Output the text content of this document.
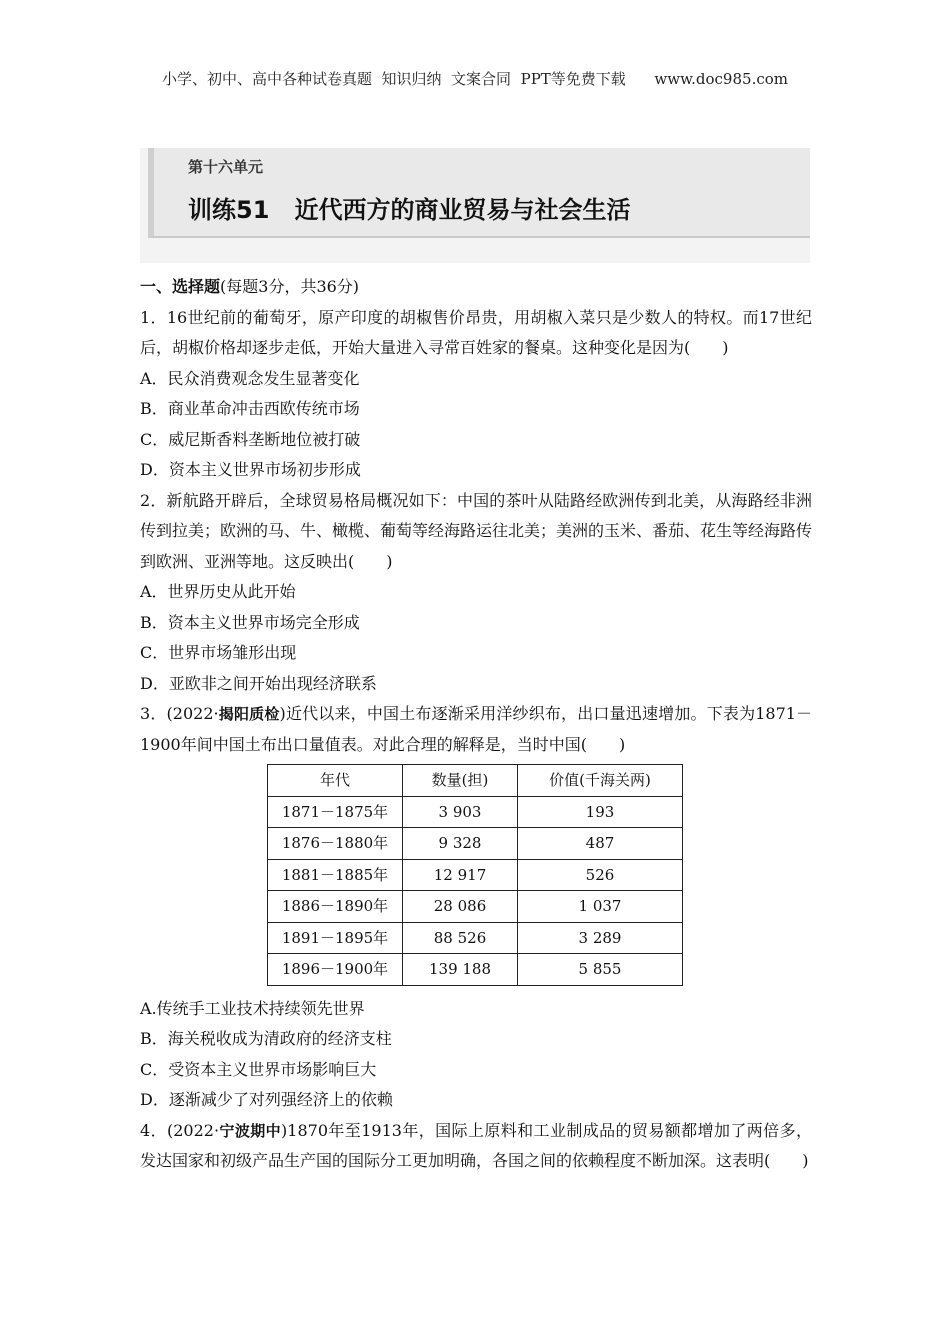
小学、初中、高中各种试卷真题  知识归纳  文案合同  PPT等免费下载      www.doc985.com
第十六单元
训练51   近代西方的商业贸易与社会生活

一、选择题(每题3分，共36分)

1．16世纪前的葡萄牙，原产印度的胡椒售价昂贵，用胡椒入菜只是少数人的特权。而17世纪后，胡椒价格却逐步走低，开始大量进入寻常百姓家的餐桌。这种变化是因为(　　)

A．民众消费观念发生显著变化

B．商业革命冲击西欧传统市场

C．威尼斯香料垄断地位被打破

D．资本主义世界市场初步形成

2．新航路开辟后，全球贸易格局概况如下：中国的茶叶从陆路经欧洲传到北美，从海路经非洲传到拉美；欧洲的马、牛、橄榄、葡萄等经海路运往北美；美洲的玉米、番茄、花生等经海路传到欧洲、亚洲等地。这反映出(　　)

A．世界历史从此开始

B．资本主义世界市场完全形成

C．世界市场雏形出现

D．亚欧非之间开始出现经济联系

3．(2022·揭阳质检)近代以来，中国土布逐渐采用洋纱织布，出口量迅速增加。下表为1871－1900年间中国土布出口量值表。对此合理的解释是，当时中国(　　)

年代	数量(担)	价值(千海关两)
1871－1875年	3 903	193
1876－1880年	9 328	487
1881－1885年	12 917	526
1886－1890年	28 086	1 037
1891－1895年	88 526	3 289
1896－1900年	139 188	5 855

A.传统手工业技术持续领先世界

B．海关税收成为清政府的经济支柱

C．受资本主义世界市场影响巨大

D．逐渐减少了对列强经济上的依赖

4．(2022·宁波期中)1870年至1913年，国际上原料和工业制成品的贸易额都增加了两倍多，发达国家和初级产品生产国的国际分工更加明确，各国之间的依赖程度不断加深。这表明(　　)
